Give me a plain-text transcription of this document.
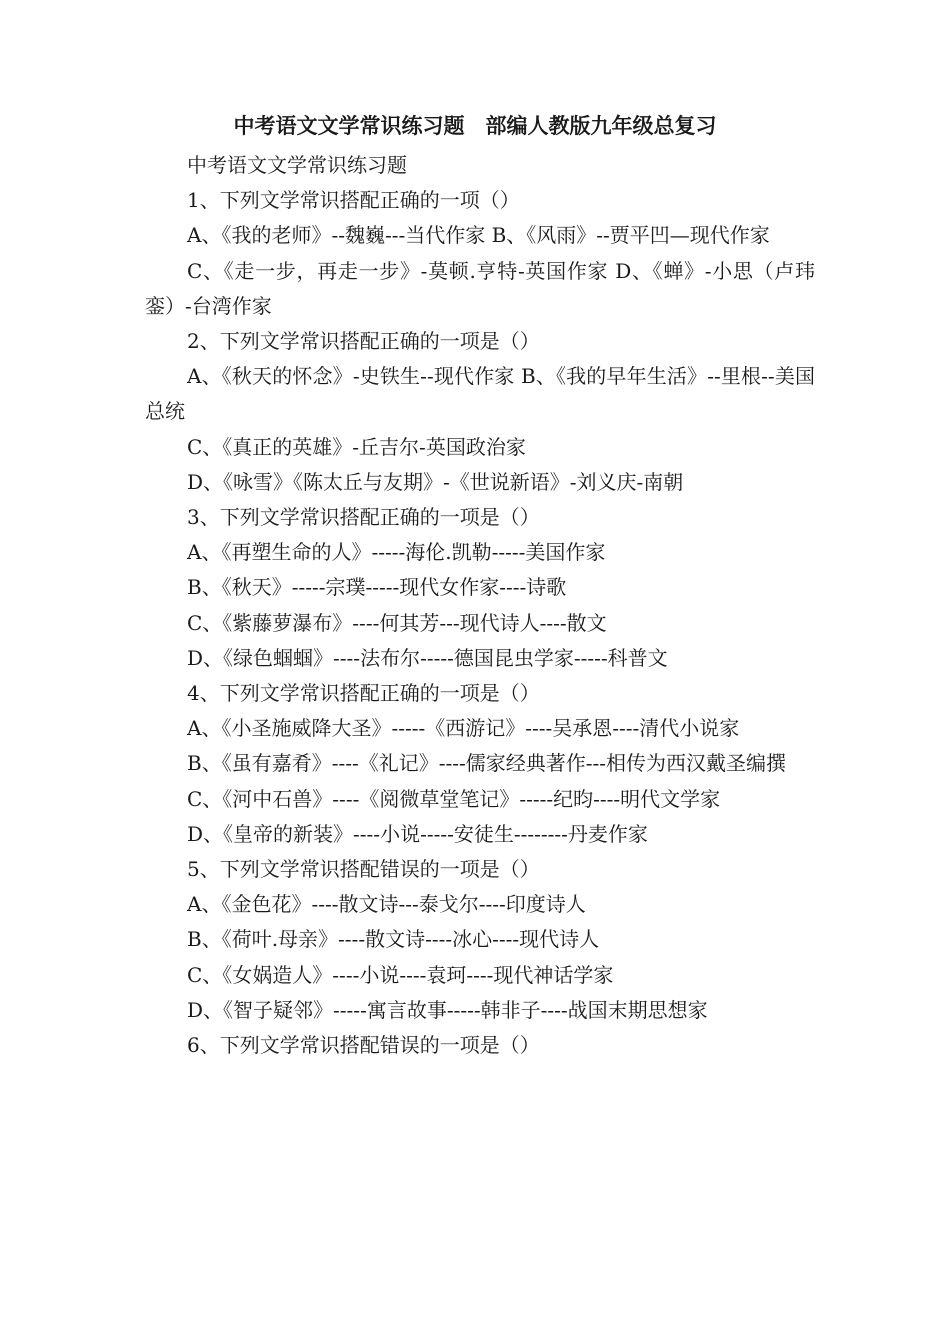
中考语文文学常识练习题　部编人教版九年级总复习

中考语文文学常识练习题

1、下列文学常识搭配正确的一项（）

A、《我的老师》--魏巍---当代作家 B、《风雨》--贾平凹—现代作家

C、《走一步，再走一步》-莫顿.亨特-英国作家 D、《蝉》-小思（卢玮銮）-台湾作家

2、下列文学常识搭配正确的一项是（）

A、《秋天的怀念》-史铁生--现代作家 B、《我的早年生活》--里根--美国总统

C、《真正的英雄》-丘吉尔-英国政治家

D、《咏雪》《陈太丘与友期》-《世说新语》-刘义庆-南朝

3、下列文学常识搭配正确的一项是（）

A、《再塑生命的人》-----海伦.凯勒-----美国作家

B、《秋天》-----宗璞-----现代女作家----诗歌

C、《紫藤萝瀑布》----何其芳---现代诗人----散文

D、《绿色蝈蝈》----法布尔-----德国昆虫学家-----科普文

4、下列文学常识搭配正确的一项是（）

A、《小圣施威降大圣》-----《西游记》----吴承恩----清代小说家

B、《虽有嘉肴》----《礼记》----儒家经典著作---相传为西汉戴圣编撰

C、《河中石兽》----《阅微草堂笔记》-----纪昀----明代文学家

D、《皇帝的新装》----小说-----安徒生--------丹麦作家

5、下列文学常识搭配错误的一项是（）

A、《金色花》----散文诗---泰戈尔----印度诗人

B、《荷叶.母亲》----散文诗----冰心----现代诗人

C、《女娲造人》----小说----袁珂----现代神话学家

D、《智子疑邻》-----寓言故事-----韩非子----战国末期思想家

6、下列文学常识搭配错误的一项是（）
